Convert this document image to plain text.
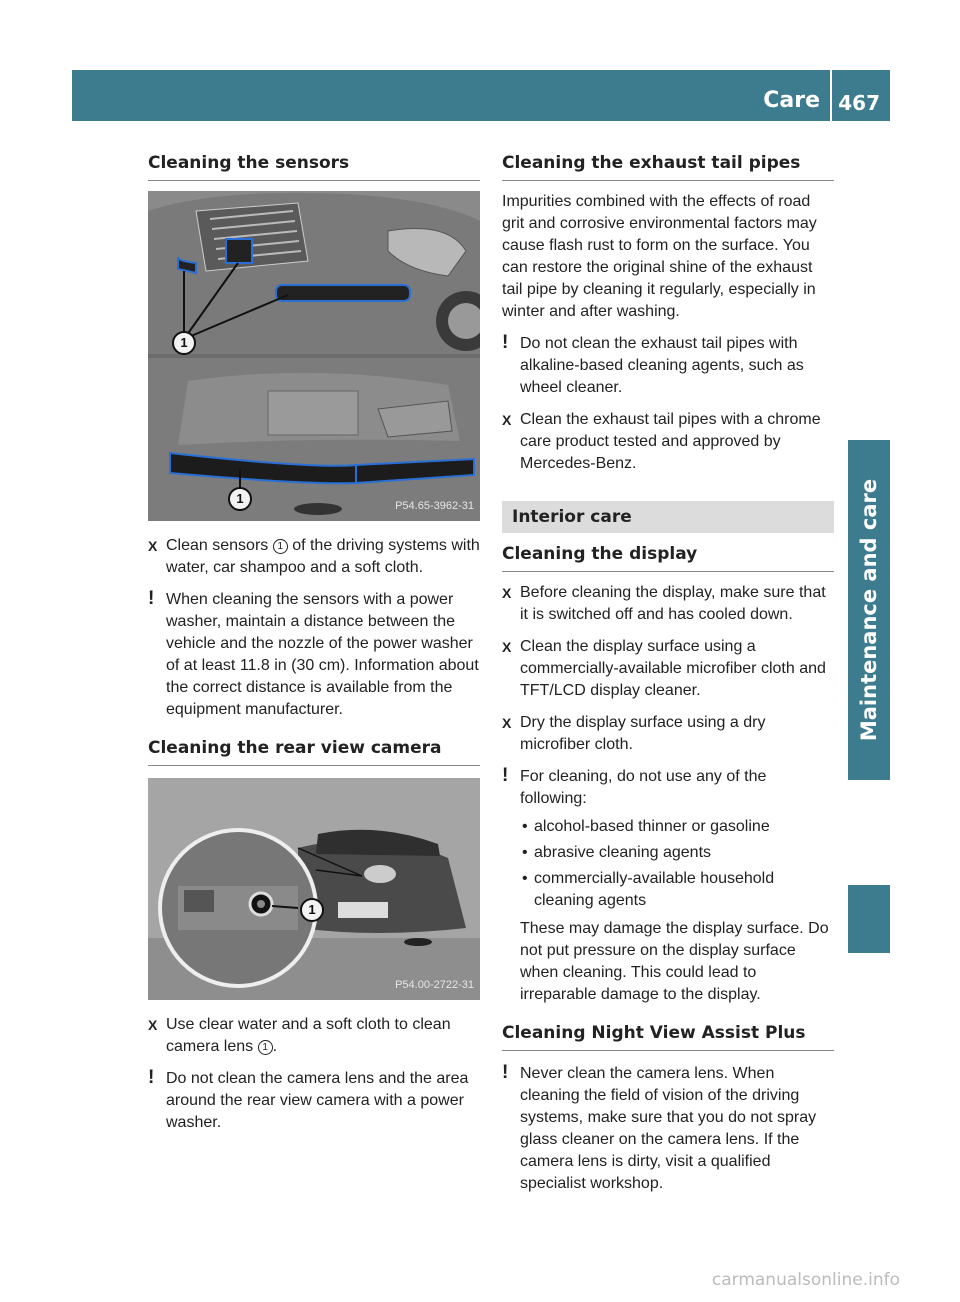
Care 467
Maintenance and care
Cleaning the sensors
1
1	P54.65-3962-31
X Clean sensors 1 of the driving systems with water, car shampoo and a soft cloth.
! When cleaning the sensors with a power washer, maintain a distance between the vehicle and the nozzle of the power washer of at least 11.8 in (30 cm). Information about the correct distance is available from the equipment manufacturer.
Cleaning the rear view camera
1
P54.00-2722-31
X Use clear water and a soft cloth to clean camera lens 1 .
! Do not clean the camera lens and the area around the rear view camera with a power washer.
Cleaning the exhaust tail pipes

Impurities combined with the effects of road grit and corrosive environmental factors may cause flash rust to form on the surface. You can restore the original shine of the exhaust tail pipe by cleaning it regularly, especially in winter and after washing.

! Do not clean the exhaust tail pipes with alkaline-based cleaning agents, such as wheel cleaner.
X Clean the exhaust tail pipes with a chrome care product tested and approved by Mercedes-Benz.
Interior care
Cleaning the display
X Before cleaning the display, make sure that it is switched off and has cooled down.
X Clean the display surface using a commercially-available microfiber cloth and TFT/LCD display cleaner.
X Dry the display surface using a dry microfiber cloth.
! For cleaning, do not use any of the following:
• alcohol-based thinner or gasoline
• abrasive cleaning agents
• commercially-available household cleaning agents

These may damage the display surface. Do not put pressure on the display surface when cleaning. This could lead to irreparable damage to the display.

Cleaning Night View Assist Plus
! Never clean the camera lens. When cleaning the field of vision of the driving systems, make sure that you do not spray glass cleaner on the camera lens. If the camera lens is dirty, visit a qualified specialist workshop.
carmanualsonline.info
